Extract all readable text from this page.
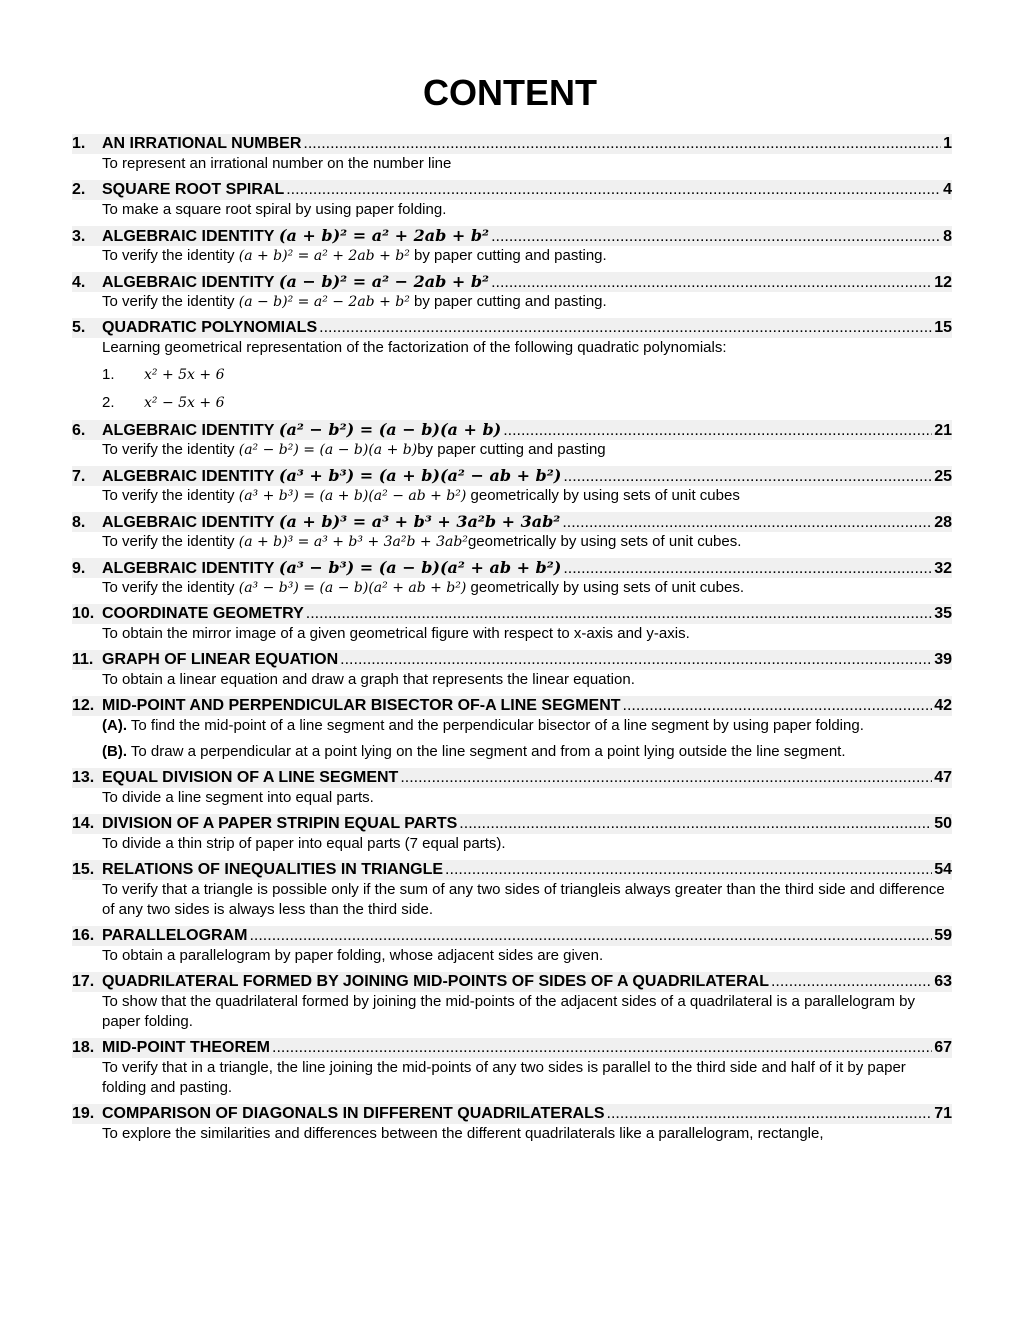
CONTENT
1.	AN IRRATIONAL NUMBER .....	1

To represent an irrational number on the number line

2.	SQUARE ROOT SPIRAL .....	4

To make a square root spiral by using paper folding.

3.	ALGEBRAIC IDENTITY
(a + b)² = a² + 2ab + b² .....	8

To verify the identity (a + b)² = a² + 2ab + b² by paper cutting and pasting.

4.	ALGEBRAIC IDENTITY
(a − b)² = a² − 2ab + b² .....	12

To verify the identity (a − b)² = a² − 2ab + b² by paper cutting and pasting.

5.	QUADRATIC POLYNOMIALS .....	15

Learning geometrical representation of the factorization of the following quadratic polynomials:

1.	x² + 5x + 6
2.	x² − 5x + 6
6.	ALGEBRAIC IDENTITY
(a² − b²) = (a − b)(a + b) .....	21

To verify the identity (a² − b²) = (a − b)(a + b)by paper cutting and pasting

7.	ALGEBRAIC IDENTITY
(a³ + b³) = (a + b)(a² − ab + b²) .....	25

To verify the identity (a³ + b³) = (a + b)(a² − ab + b²) geometrically by using sets of unit cubes

8.	ALGEBRAIC IDENTITY
(a + b)³ = a³ + b³ + 3a²b + 3ab² .....	28

To verify the identity (a + b)³ = a³ + b³ + 3a²b + 3ab²geometrically by using sets of unit cubes.

9.	ALGEBRAIC IDENTITY
(a³ − b³) = (a − b)(a² + ab + b²) .....	32

To verify the identity (a³ − b³) = (a − b)(a² + ab + b²) geometrically by using sets of unit cubes.

10. COORDINATE GEOMETRY .....	35

To obtain the mirror image of a given geometrical figure with respect to x-axis and y-axis.

11. GRAPH OF LINEAR EQUATION .....	39

To obtain a linear equation and draw a graph that represents the linear equation.

12. MID-POINT AND PERPENDICULAR BISECTOR OF-A LINE SEGMENT .....	42

(A). To find the mid-point of a line segment and the perpendicular bisector of a line segment by using paper folding.

(B). To draw a perpendicular at a point lying on the line segment and from a point lying outside the line segment.

13. EQUAL DIVISION OF A LINE SEGMENT .....	47

To divide a line segment into equal parts.

14. DIVISION OF A PAPER STRIPIN EQUAL PARTS .....	50

To divide a thin strip of paper into equal parts (7 equal parts).

15. RELATIONS OF INEQUALITIES IN TRIANGLE .....	54

To verify that a triangle is possible only if the sum of any two sides of triangleis always greater than the third side and difference of any two sides is always less than the third side.

16. PARALLELOGRAM .....	59

To obtain a parallelogram by paper folding, whose adjacent sides are given.

17. QUADRILATERAL FORMED BY JOINING MID-POINTS OF SIDES OF A QUADRILATERAL .....	63

To show that the quadrilateral formed by joining the mid-points of the adjacent sides of a quadrilateral is a parallelogram by paper folding.

18. MID-POINT THEOREM .....	67

To verify that in a triangle, the line joining the mid-points of any two sides is parallel to the third side and half of it by paper folding and pasting.

19. COMPARISON OF DIAGONALS IN DIFFERENT QUADRILATERALS .....	71

To explore the similarities and differences between the different quadrilaterals like a parallelogram, rectangle,
